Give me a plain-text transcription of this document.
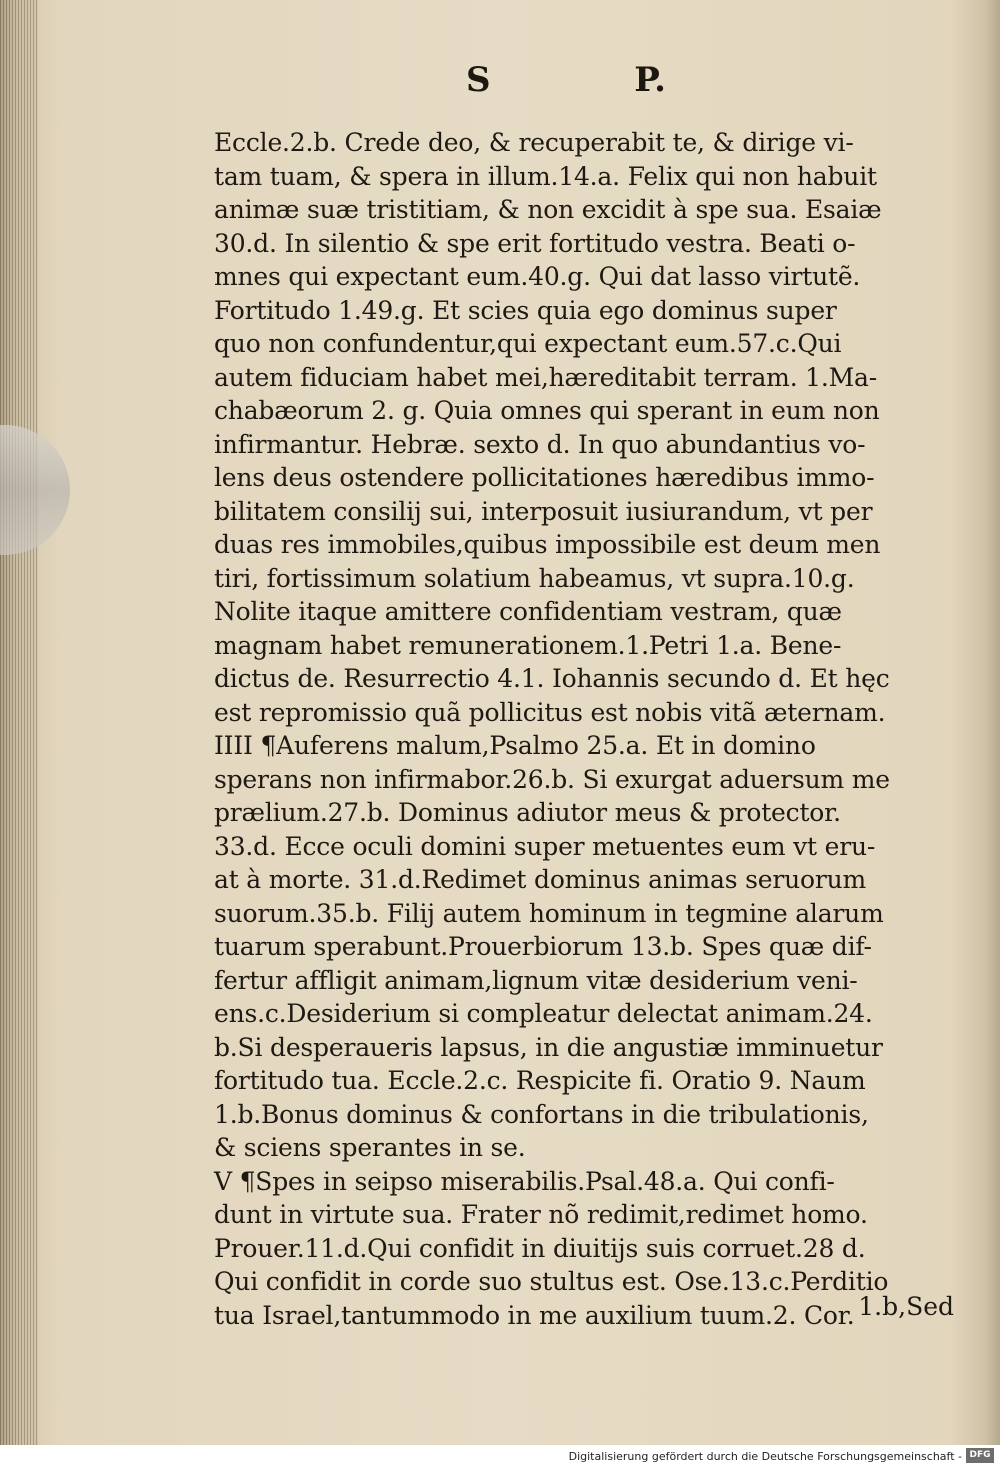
S	P.
Eccle.2.b. Crede deo, & recuperabit te, & dirige vi-
tam tuam, & spera in illum.14.a. Felix qui non habuit
animæ suæ tristitiam, & non excidit à spe sua. Esaiæ
30.d. In silentio & spe erit fortitudo vestra. Beati o-
mnes qui expectant eum.40.g. Qui dat lasso virtutẽ.
Fortitudo 1.49.g. Et scies quia ego dominus super
quo non confundentur,qui expectant eum.57.c.Qui
autem fiduciam habet mei,hæreditabit terram. 1.Ma-
chabæorum 2. g. Quia omnes qui sperant in eum non
infirmantur. Hebræ. sexto d. In quo abundantius vo-
lens deus ostendere pollicitationes hæredibus immo-
bilitatem consilij sui, interposuit iusiurandum, vt per
duas res immobiles,quibus impossibile est deum men
tiri, fortissimum solatium habeamus, vt supra.10.g.
Nolite itaque amittere confidentiam vestram, quæ
magnam habet remunerationem.1.Petri 1.a. Bene-
dictus de. Resurrectio 4.1. Iohannis secundo d. Et hęc
est repromissio quã pollicitus est nobis vitã æternam.
IIII ¶Auferens malum,Psalmo 25.a. Et in domino
sperans non infirmabor.26.b. Si exurgat aduersum me
prælium.27.b. Dominus adiutor meus & protector.
33.d. Ecce oculi domini super metuentes eum vt eru-
at à morte. 31.d.Redimet dominus animas seruorum
suorum.35.b. Filij autem hominum in tegmine alarum
tuarum sperabunt.Prouerbiorum 13.b. Spes quæ dif-
fertur affligit animam,lignum vitæ desiderium veni-
ens.c.Desiderium si compleatur delectat animam.24.
b.Si desperaueris lapsus, in die angustiæ imminuetur
fortitudo tua. Eccle.2.c. Respicite fi. Oratio 9. Naum
1.b.Bonus dominus & confortans in die tribulationis,
& sciens sperantes in se.
V ¶Spes in seipso miserabilis.Psal.48.a. Qui confi-
dunt in virtute sua. Frater nõ redimit,redimet homo.
Prouer.11.d.Qui confidit in diuitijs suis corruet.28 d.
Qui confidit in corde suo stultus est. Ose.13.c.Perditio
tua Israel,tantummodo in me auxilium tuum.2. Cor. 1.b,Sed
Digitalisierung gefördert durch die Deutsche Forschungsgemeinschaft - DFG
